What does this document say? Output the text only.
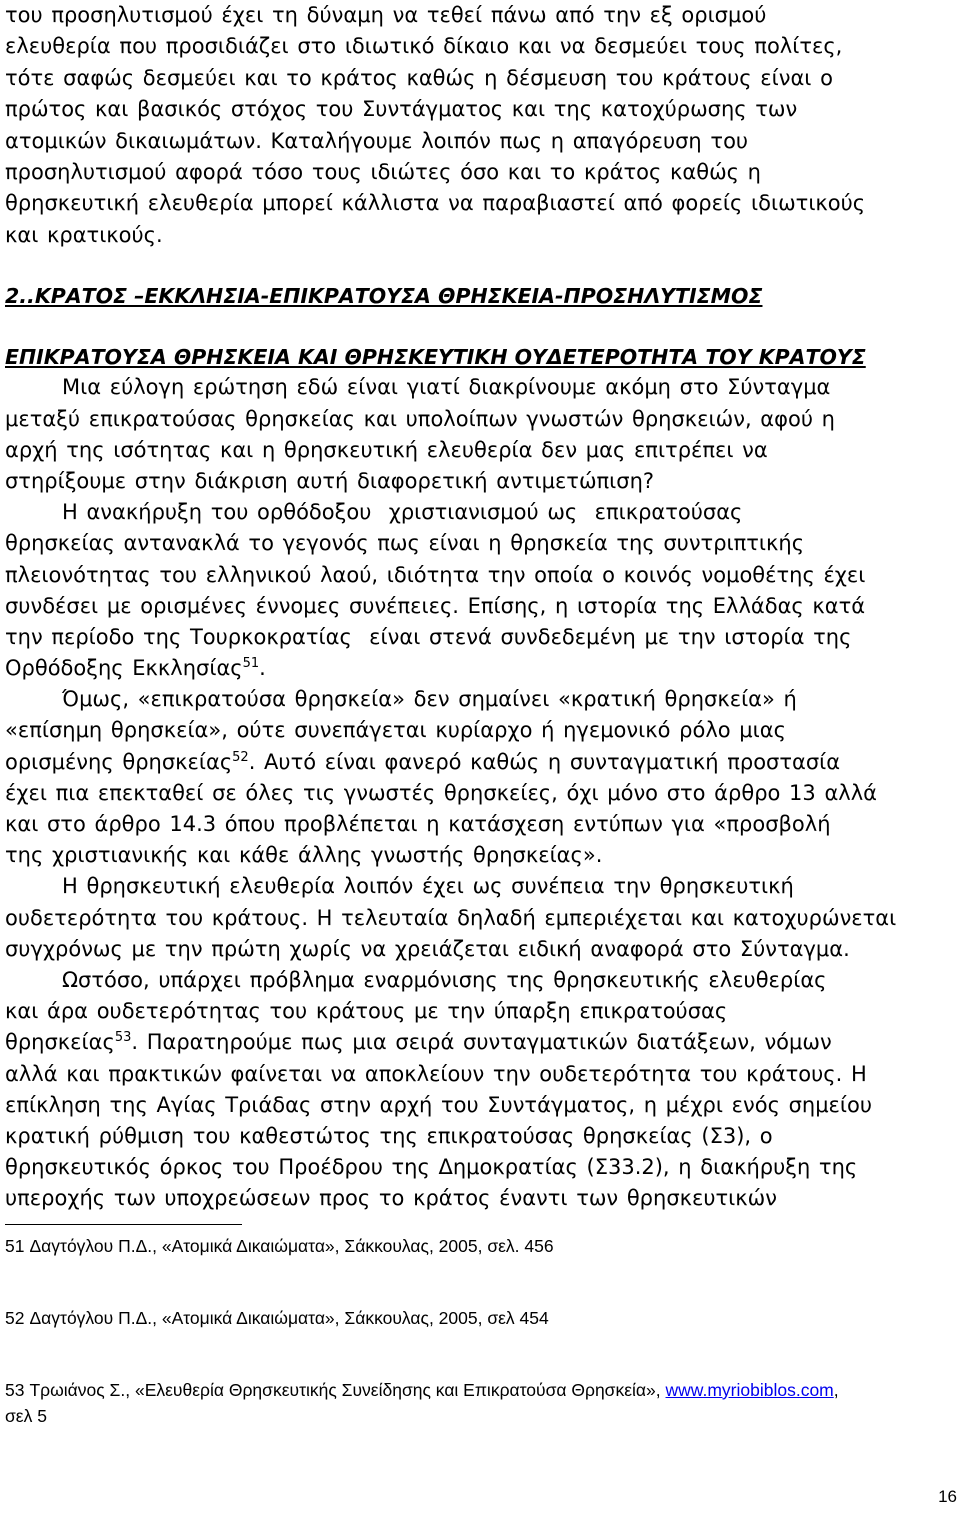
του προσηλυτισμού έχει τη δύναμη να τεθεί πάνω από την εξ ορισμού
ελευθερία που προσιδιάζει στο ιδιωτικό δίκαιο και να δεσμεύει τους πολίτες,
τότε σαφώς δεσμεύει και το κράτος καθώς η δέσμευση του κράτους είναι ο
πρώτος και βασικός στόχος του Συντάγματος και της κατοχύρωσης των
ατομικών δικαιωμάτων. Καταλήγουμε λοιπόν πως η απαγόρευση του
προσηλυτισμού αφορά τόσο τους ιδιώτες όσο και το κράτος καθώς η
θρησκευτική ελευθερία μπορεί κάλλιστα να παραβιαστεί από φορείς ιδιωτικούς
και κρατικούς.
2..ΚΡΑΤΟΣ –ΕΚΚΛΗΣΙΑ-ΕΠΙΚΡΑΤΟΥΣΑ ΘΡΗΣΚΕΙΑ-ΠΡΟΣΗΛΥΤΙΣΜΟΣ
ΕΠΙΚΡΑΤΟΥΣΑ ΘΡΗΣΚΕΙΑ ΚΑΙ ΘΡΗΣΚΕΥΤΙΚΗ ΟΥΔΕΤΕΡΟΤΗΤΑ ΤΟΥ ΚΡΑΤΟΥΣ
Μια εύλογη ερώτηση εδώ είναι γιατί διακρίνουμε ακόμη στο Σύνταγμα
μεταξύ επικρατούσας θρησκείας και υπολοίπων γνωστών θρησκειών, αφού η
αρχή της ισότητας και η θρησκευτική ελευθερία δεν μας επιτρέπει να
στηρίξουμε στην διάκριση αυτή διαφορετική αντιμετώπιση?
Η ανακήρυξη του ορθόδοξου  χριστιανισμού ως  επικρατούσας
θρησκείας αντανακλά το γεγονός πως είναι η θρησκεία της συντριπτικής
πλειονότητας του ελληνικού λαού, ιδιότητα την οποία ο κοινός νομοθέτης έχει
συνδέσει με ορισμένες έννομες συνέπειες. Επίσης, η ιστορία της Ελλάδας κατά
την περίοδο της Τουρκοκρατίας  είναι στενά συνδεδεμένη με την ιστορία της
Ορθόδοξης Εκκλησίας$^{51}$.
Όμως, «επικρατούσα θρησκεία» δεν σημαίνει «κρατική θρησκεία» ή
«επίσημη θρησκεία», ούτε συνεπάγεται κυρίαρχο ή ηγεμονικό ρόλο μιας
ορισμένης θρησκείας$^{52}$. Αυτό είναι φανερό καθώς η συνταγματική προστασία
έχει πια επεκταθεί σε όλες τις γνωστές θρησκείες, όχι μόνο στο άρθρο 13 αλλά
και στο άρθρο 14.3 όπου προβλέπεται η κατάσχεση εντύπων για «προσβολή
της χριστιανικής και κάθε άλλης γνωστής θρησκείας».
Η θρησκευτική ελευθερία λοιπόν έχει ως συνέπεια την θρησκευτική
ουδετερότητα του κράτους. Η τελευταία δηλαδή εμπεριέχεται και κατοχυρώνεται
συγχρόνως με την πρώτη χωρίς να χρειάζεται ειδική αναφορά στο Σύνταγμα.
Ωστόσο, υπάρχει πρόβλημα εναρμόνισης της θρησκευτικής ελευθερίας
και άρα ουδετερότητας του κράτους με την ύπαρξη επικρατούσας
θρησκείας$^{53}$. Παρατηρούμε πως μια σειρά συνταγματικών διατάξεων, νόμων
αλλά και πρακτικών φαίνεται να αποκλείουν την ουδετερότητα του κράτους. Η
επίκληση της Αγίας Τριάδας στην αρχή του Συντάγματος, η μέχρι ενός σημείου
κρατική ρύθμιση του καθεστώτος της επικρατούσας θρησκείας (Σ3), ο
θρησκευτικός όρκος του Προέδρου της Δημοκρατίας (Σ33.2), η διακήρυξη της
υπεροχής των υποχρεώσεων προς το κράτος έναντι των θρησκευτικών
51 Δαγτόγλου Π.Δ., «Ατομικά Δικαιώματα», Σάκκουλας, 2005, σελ. 456
52 Δαγτόγλου Π.Δ., «Ατομικά Δικαιώματα», Σάκκουλας, 2005, σελ 454
53 Τρωιάνος Σ., «Ελευθερία Θρησκευτικής Συνείδησης και Επικρατούσα Θρησκεία», www.myriobiblos.com,
σελ 5
16
